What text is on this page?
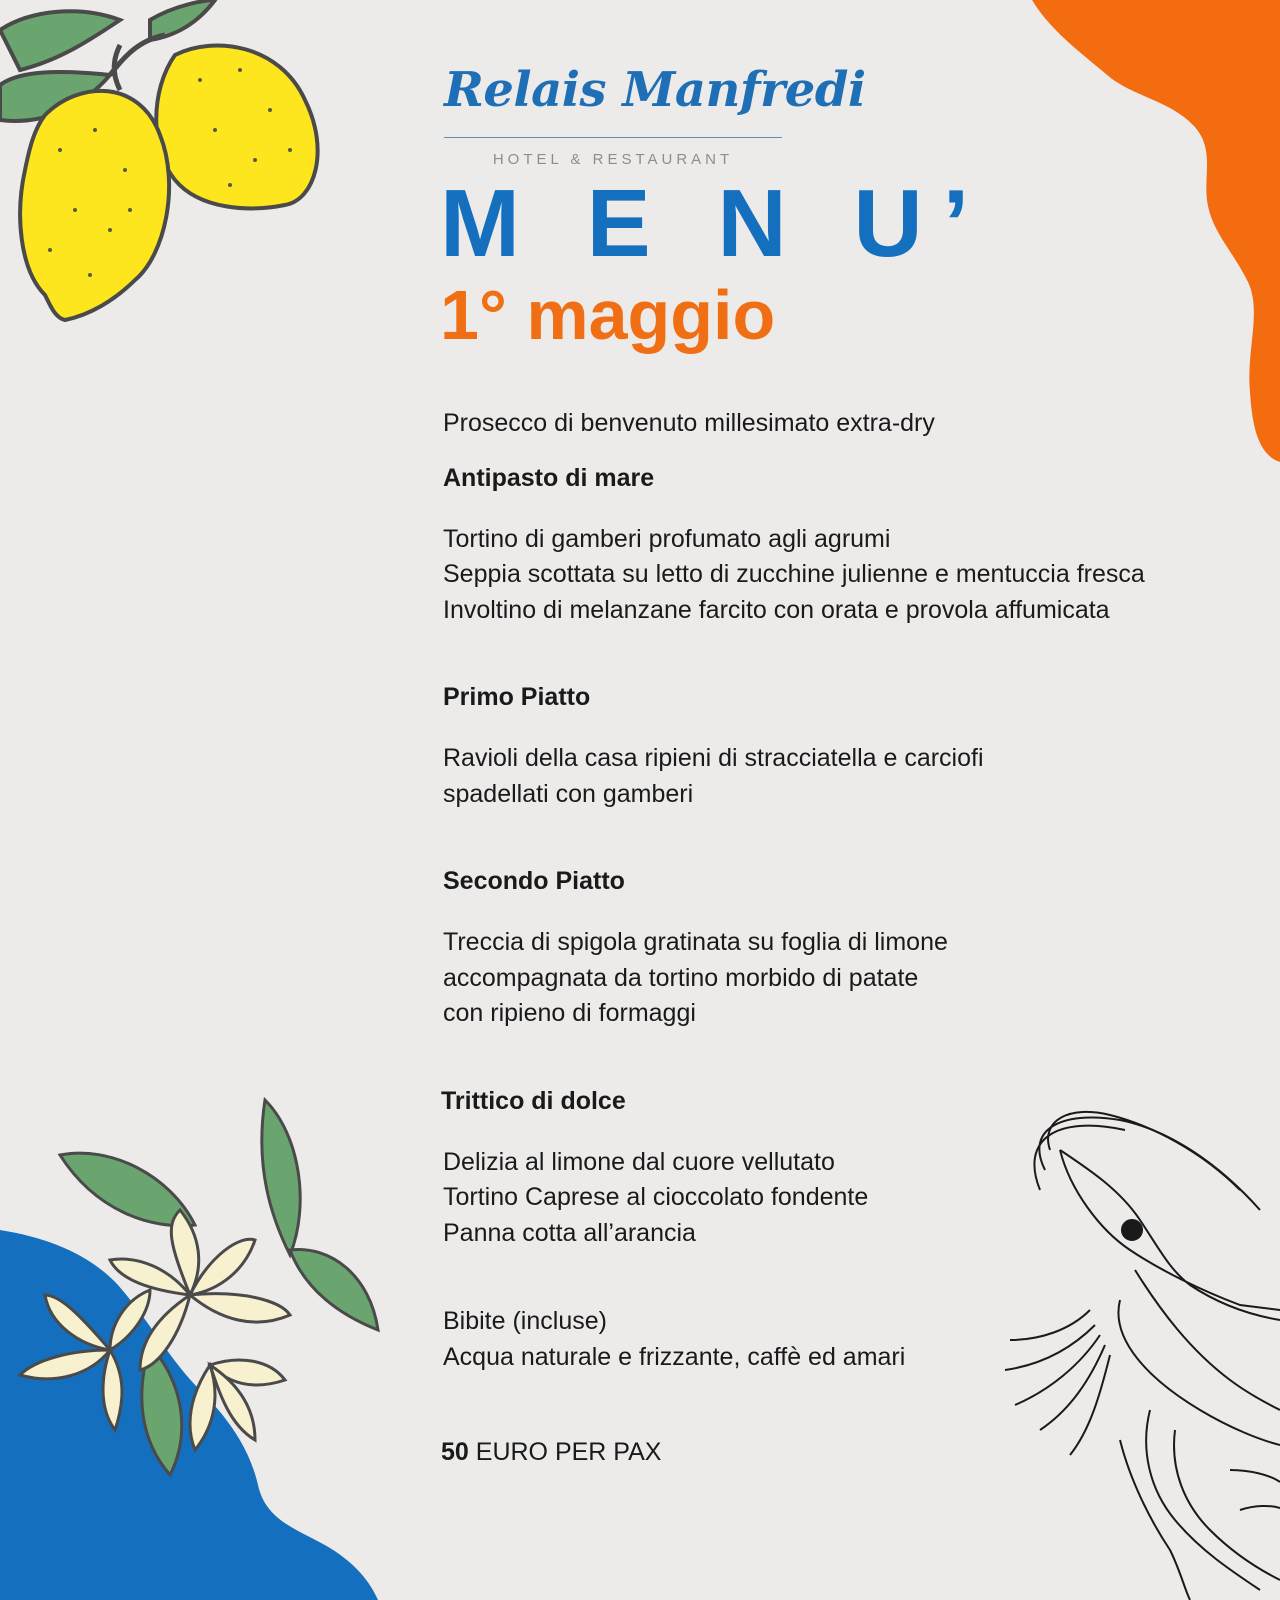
Relais Manfredi
HOTEL & RESTAURANT
M E N U’
1° maggio

Prosecco di benvenuto millesimato extra-dry

Antipasto di mare

Tortino di gamberi profumato agli agrumi

Seppia scottata su letto di zucchine julienne e mentuccia fresca

Involtino di melanzane farcito con orata e provola affumicata

Primo Piatto

Ravioli della casa ripieni di stracciatella e carciofi

spadellati con gamberi

Secondo Piatto

Treccia di spigola gratinata su foglia di limone

accompagnata da tortino morbido di patate

con ripieno di formaggi

Trittico di dolce

Delizia al limone dal cuore vellutato

Tortino Caprese al cioccolato fondente

Panna cotta all’arancia

Bibite (incluse)

Acqua naturale e frizzante, caffè ed amari

50 EURO PER PAX
